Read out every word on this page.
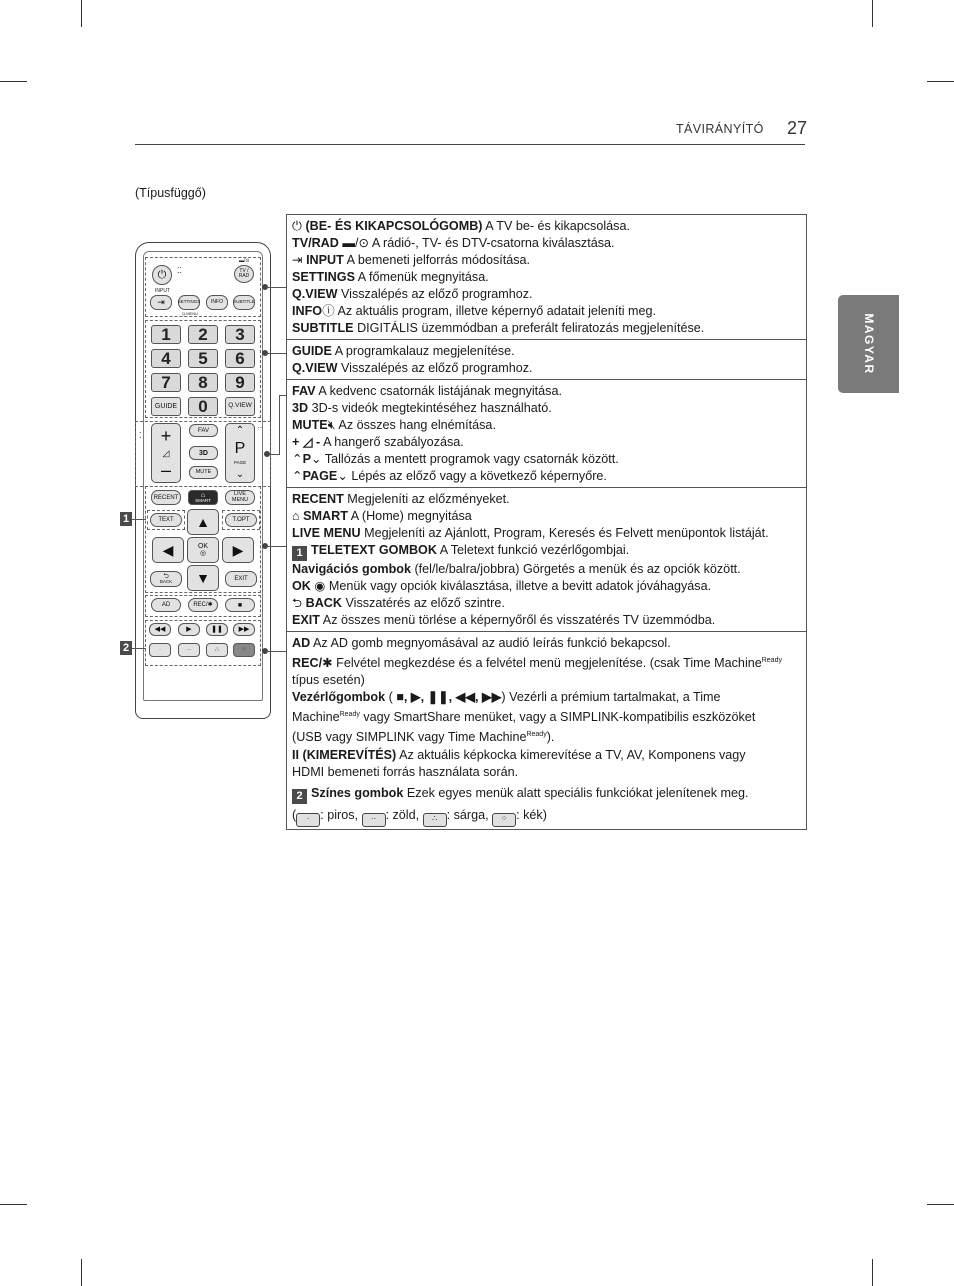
TÁVIRÁNYÍTÓ 27
MAGYAR
(Típusfüggő)
⏻	⁚⁚
▬/⊙
TV / RAD
INPUT
⇥	SETTINGS	INFO	SUBTITLE
Q.MENU
1	2	3
4	5	6
7	8	9
GUIDE	0	Q.VIEW
⁚
··
+
◿
–
FAV
3D
MUTE
⌃
P
PAGE
⌄
RECENT	⌂
SMART
LIVE MENU
TEXT	T.OPT
▲
◀	OK
◎	▶
▼
⮌
BACK	EXIT
AD	REC/ ✱	■
◀◀	▶	❚❚	▶▶
·	··	∴	⁘
1
2
⏻ (BE- ÉS KIKAPCSOLÓGOMB) A TV be- és kikapcsolása.
TV/RAD ▬/⊙ A rádió-, TV- és DTV-csatorna kiválasztása.
⇥ INPUT A bemeneti jelforrás módosítása.
SETTINGS A főmenük megnyitása.
Q.VIEW Visszalépés az előző programhoz.
INFOⓘ Az aktuális program, illetve képernyő adatait jeleníti meg.
SUBTITLE DIGITÁLIS üzemmódban a preferált feliratozás megjelenítése.
GUIDE A programkalauz megjelenítése.
Q.VIEW Visszalépés az előző programhoz.
FAV A kedvenc csatornák listájának megnyitása.
3D 3D-s videók megtekintéséhez használható.
MUTE🔇︎ Az összes hang elnémítása.
+ ◿ - A hangerő szabályozása.
⌃P⌄ Tallózás a mentett programok vagy csatornák között.
⌃PAGE⌄ Lépés az előző vagy a következő képernyőre.
RECENT Megjeleníti az előzményeket.
⌂ SMART A (Home) megnyitása
LIVE MENU Megjeleníti az Ajánlott, Program, Keresés és Felvett menüpontok listáját.
1 TELETEXT GOMBOK A Teletext funkció vezérlőgombjai.
Navigációs gombok (fel/le/balra/jobbra) Görgetés a menük és az opciók között.
OK ◉ Menük vagy opciók kiválasztása, illetve a bevitt adatok jóváhagyása.
⮌ BACK Visszatérés az előző szintre.
EXIT Az összes menü törlése a képernyőről és visszatérés TV üzemmódba.
AD Az AD gomb megnyomásával az audió leírás funkció bekapcsol.
REC/✱ Felvétel megkezdése és a felvétel menü megjelenítése. (csak Time Machine$^{Ready}$
típus esetén)
Vezérlőgombok ( ■, ▶, ❚❚, ◀◀, ▶▶) Vezérli a prémium tartalmakat, a Time
Machine$^{Ready}$ vagy SmartShare menüket, vagy a SIMPLINK-kompatibilis eszközöket
(USB vagy SIMPLINK vagy Time Machine$^{Ready}$).
II (KIMEREVÍTÉS) Az aktuális képkocka kimerevítése a TV, AV, Komponens vagy
HDMI bemeneti forrás használata során.
2 Színes gombok Ezek egyes menük alatt speciális funkciókat jelenítenek meg.
( · : piros, ·· : zöld, ∴ : sárga, ⁘ : kék)
